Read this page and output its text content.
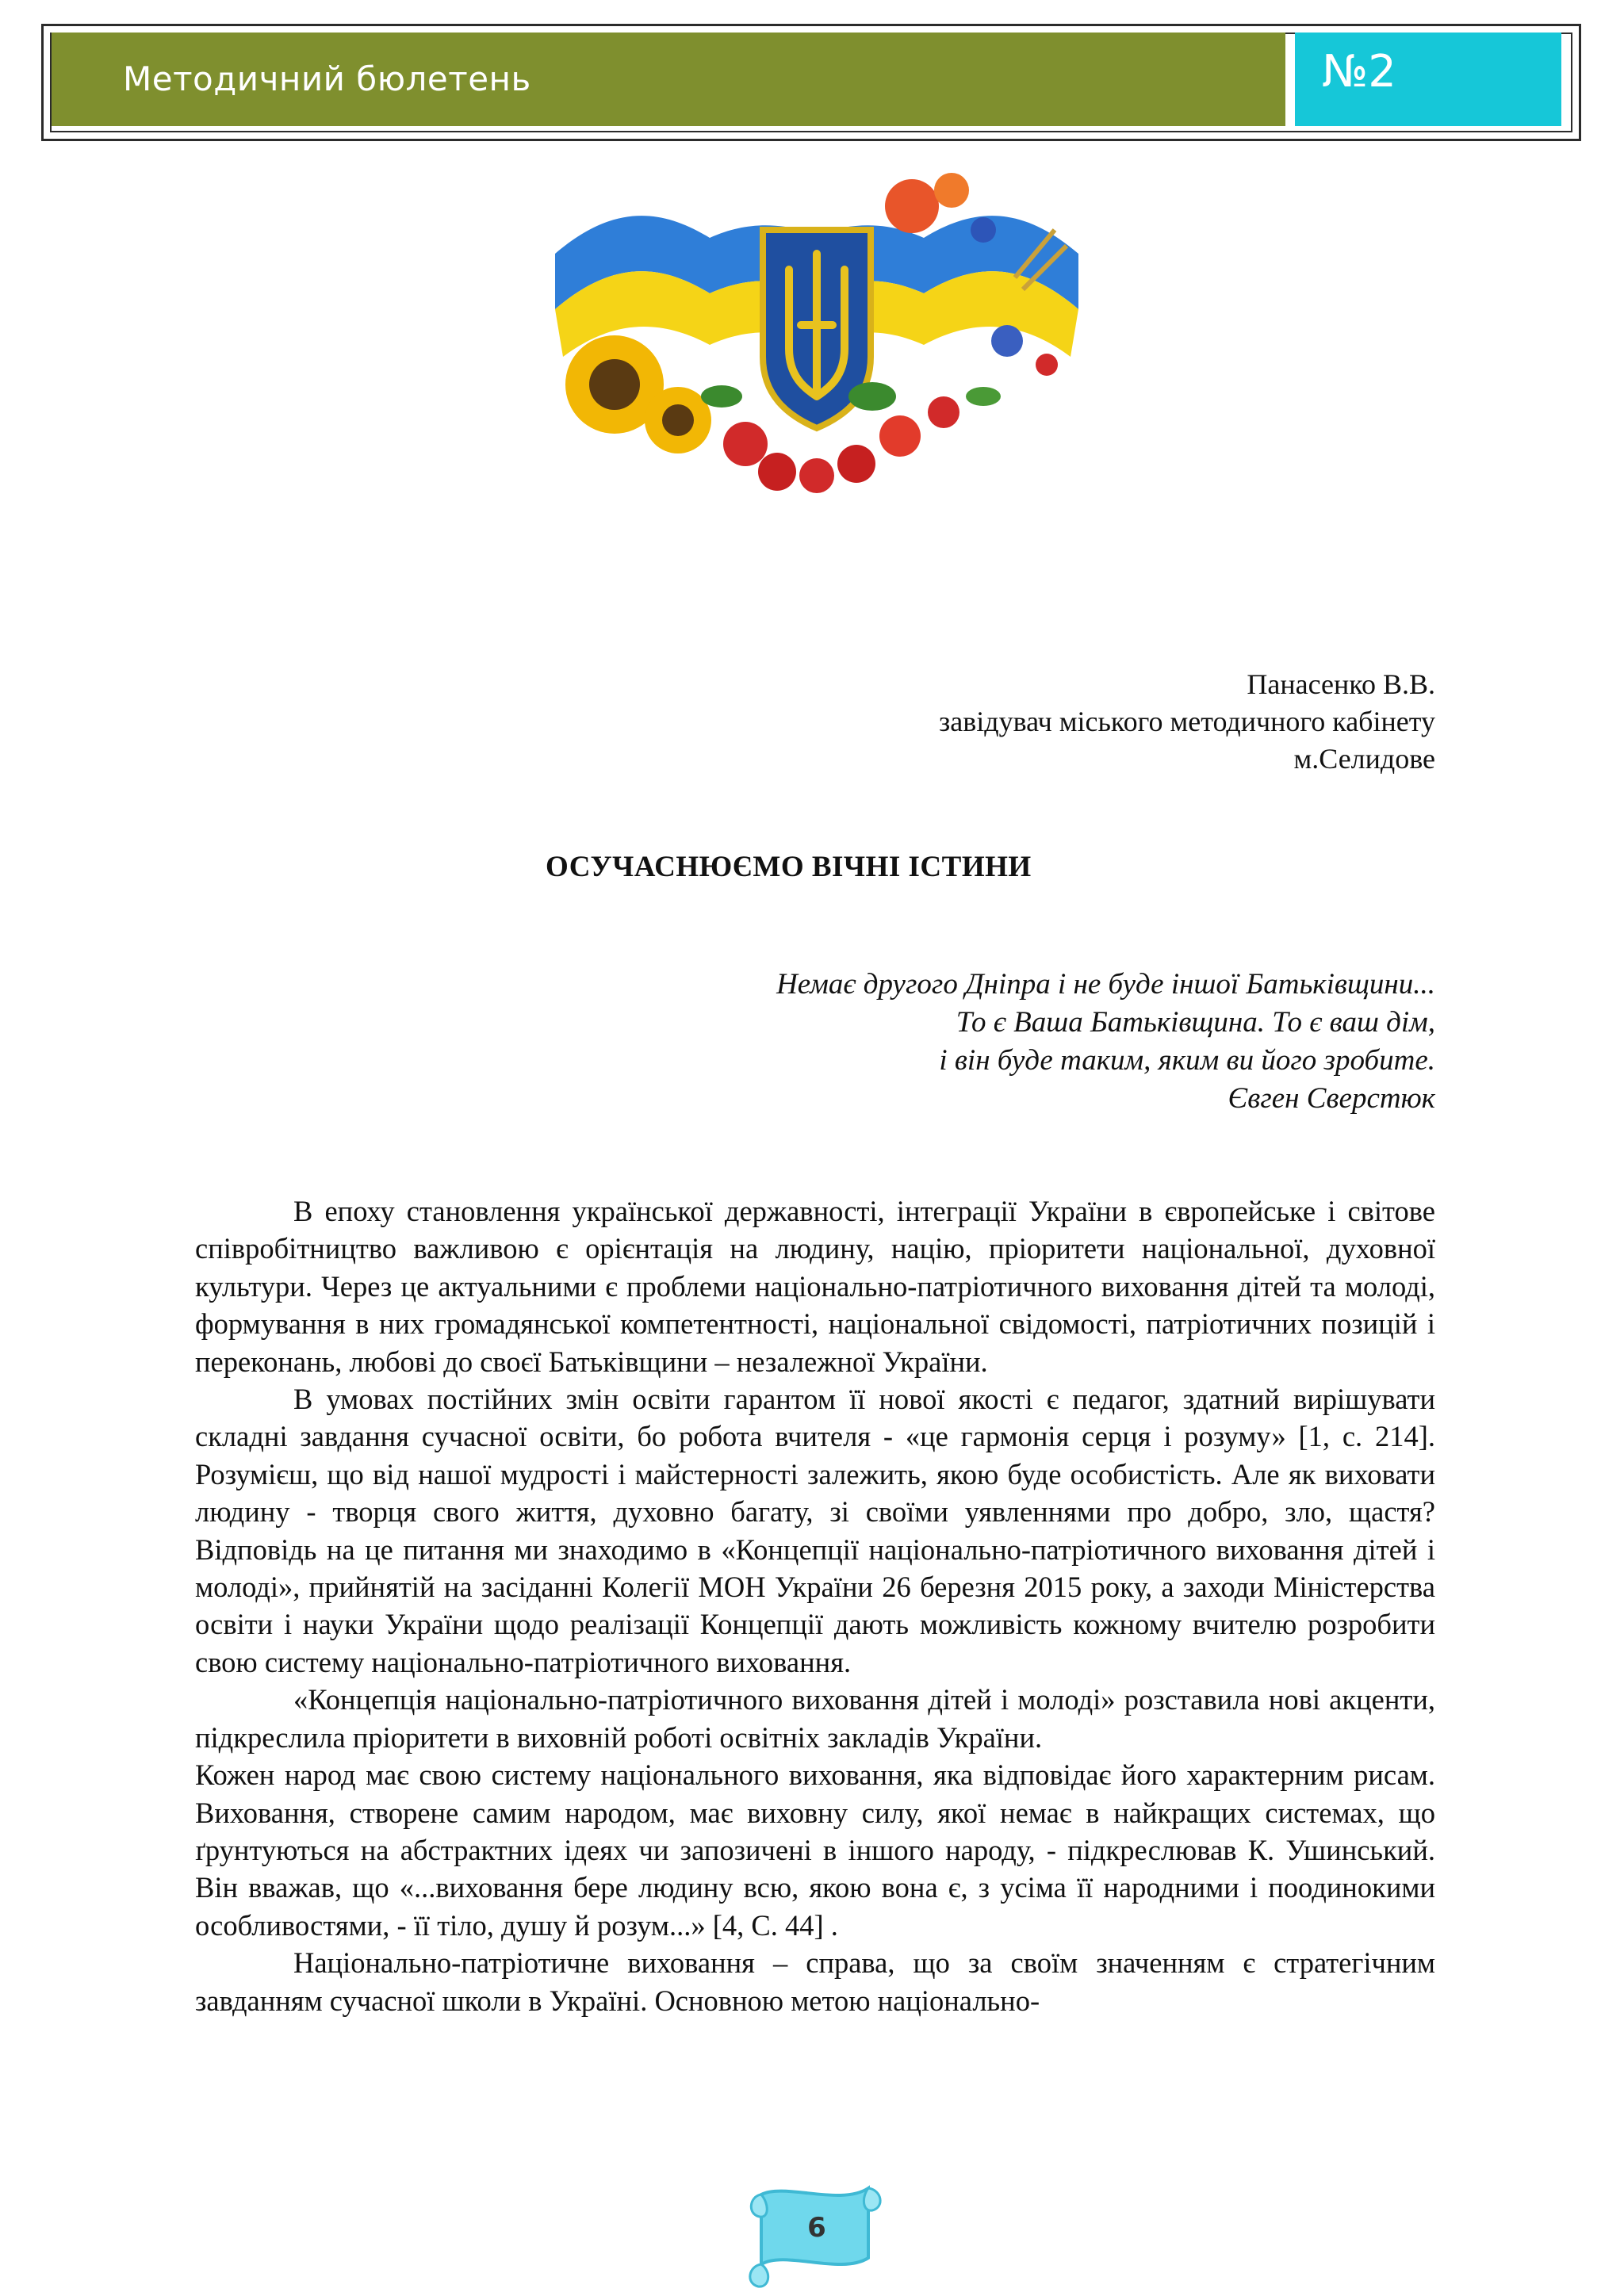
Методичний бюлетень	№2
Панасенко В.В.
завідувач міського методичного кабінету
м.Селидове
ОСУЧАСНЮЄМО ВІЧНІ ІСТИНИ
Немає другого Дніпра і не буде іншої Батьківщини...
То є Ваша Батьківщина. То є ваш дім,
і він буде таким, яким ви його зробите.
Євген Сверстюк

В епоху становлення української державності, інтеграції України в європейське і світове співробітництво важливою є орієнтація на людину, націю, пріоритети національної, духовної культури. Через це актуальними є проблеми національно-патріотичного виховання дітей та молоді, формування в них громадянської компетентності, національної свідомості, патріотичних позицій і переконань, любові до своєї Батьківщини – незалежної України.

В умовах постійних змін освіти гарантом її нової якості є педагог, здатний вирішувати складні завдання сучасної освіти, бо робота вчителя - «це гармонія серця і розуму» [1, с. 214]. Розумієш, що від нашої мудрості і майстерності залежить, якою буде особистість. Але як виховати людину - творця свого життя, духовно багату, зі своїми уявленнями про добро, зло, щастя? Відповідь на це питання ми знаходимо в «Концепції національно-патріотичного виховання дітей і молоді», прийнятій на засіданні Колегії МОН України 26 березня 2015 року, а заходи Міністерства освіти і науки України щодо реалізації Концепції дають можливість кожному вчителю розробити свою систему національно-патріотичного виховання.

«Концепція національно-патріотичного виховання дітей і молоді» розставила нові акценти, підкреслила пріоритети в виховній роботі освітніх закладів України.

Кожен народ має свою систему національного виховання, яка відповідає його характерним рисам. Виховання, створене самим народом, має виховну силу, якої немає в найкращих системах, що ґрунтуються на абстрактних ідеях чи запозичені в іншого народу, - підкреслював К. Ушинський. Він вважав, що «...виховання бере людину всю, якою вона є, з усіма її народними і поодинокими особливостями, - її тіло, душу й розум...» [4, С. 44] .

Національно-патріотичне виховання – справа, що за своїм значенням є стратегічним завданням сучасної школи в Україні. Основною метою національно-

6
